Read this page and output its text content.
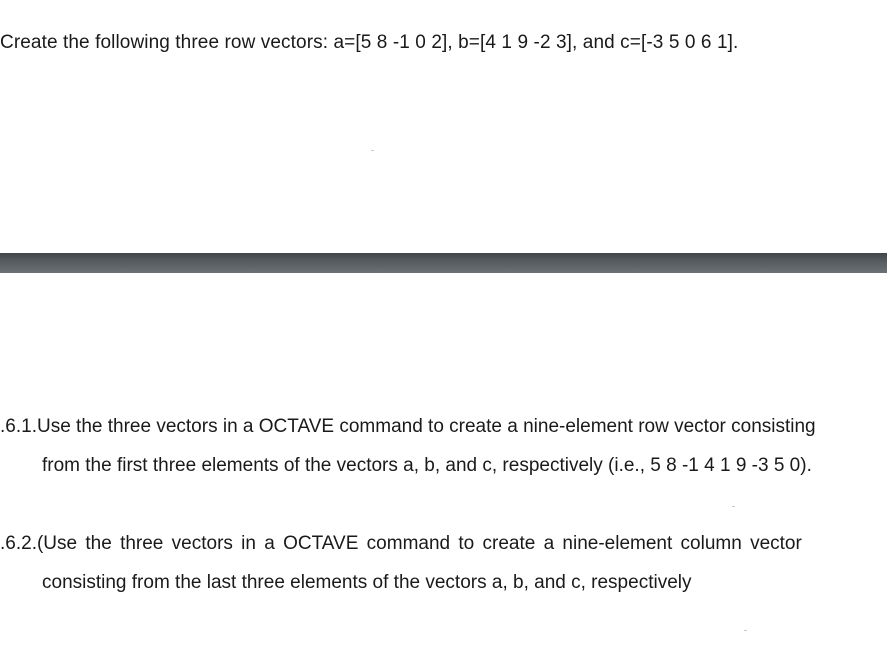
Create the following three row vectors: a=[5 8 -1 0 2], b=[4 1 9 -2 3], and c=[-3 5 0 6 1].
.6.1.Use the three vectors in a OCTAVE command to create a nine-element row vector consisting
from the first three elements of the vectors a, b, and c, respectively (i.e., 5 8 -1 4 1 9 -3 5 0).
.6.2.(Use the three vectors in a OCTAVE command to create a nine-element column vector
consisting from the last three elements of the vectors a, b, and c, respectively
